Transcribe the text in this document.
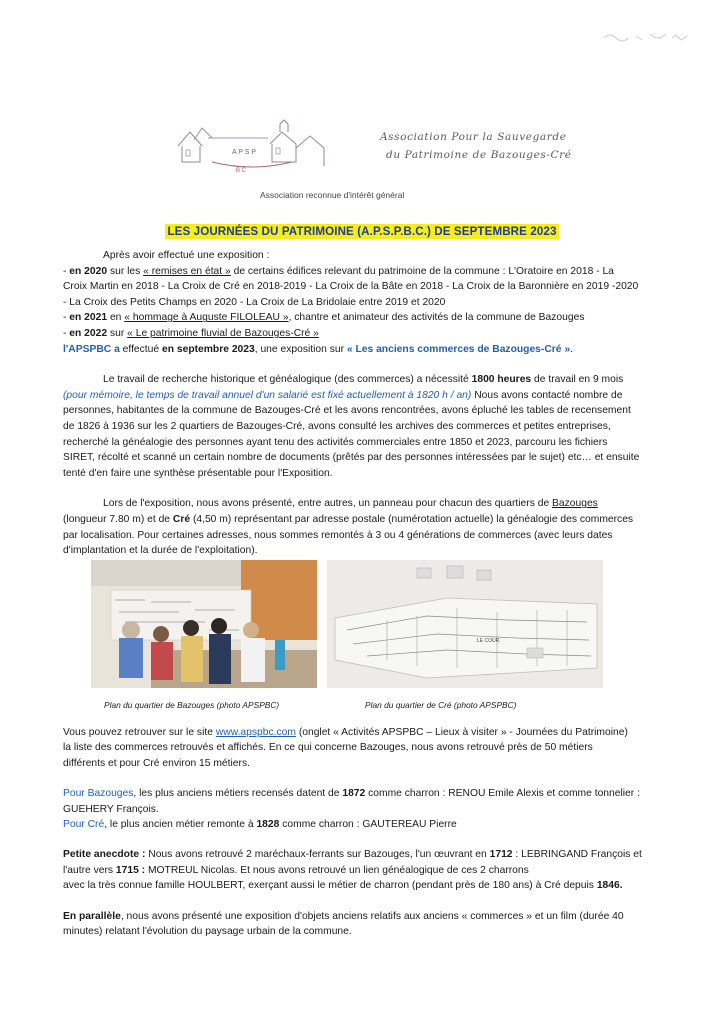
A P S P
B C
Association Pour la Sauvegarde
du Patrimoine de Bazouges-Cré
Association reconnue d'intérêt général
LES JOURNÉES DU PATRIMOINE (A.P.S.P.B.C.) DE SEPTEMBRE 2023
Après avoir effectué une exposition :
- en 2020 sur les « remises en état » de certains édifices relevant du patrimoine de la commune : L'Oratoire en 2018 - La
Croix Martin en 2018 - La Croix de Cré en 2018-2019 - La Croix de la Bâte en 2018 - La Croix de la Baronnière en 2019 -2020
- La Croix des Petits Champs en 2020 - La Croix de La Bridolaie entre 2019 et 2020
- en 2021 en « hommage à Auguste FILOLEAU », chantre et animateur des activités de la commune de Bazouges
- en 2022 sur « Le patrimoine fluvial de Bazouges-Cré »
l'APSPBC a effectué en septembre 2023, une exposition sur « Les anciens commerces de Bazouges-Cré ».
Le travail de recherche historique et généalogique (des commerces) a nécessité 1800 heures de travail en 9 mois
(pour mémoire, le temps de travail annuel d'un salarié est fixé actuellement à 1820 h / an) Nous avons contacté nombre de
personnes, habitantes de la commune de Bazouges-Cré et les avons rencontrées, avons épluché les tables de recensement
de 1826 à 1936 sur les 2 quartiers de Bazouges-Cré, avons consulté les archives des commerces et petites entreprises,
recherché la généalogie des personnes ayant tenu des activités commerciales entre 1850 et 2023, parcouru les fichiers
SIRET, récolté et scanné un certain nombre de documents (prêtés par des personnes intéressées par le sujet) etc… et ensuite
tenté d'en faire une synthèse présentable pour l'Exposition.
Lors de l'exposition, nous avons présenté, entre autres, un panneau pour chacun des quartiers de Bazouges
(longueur 7.80 m) et de Cré (4,50 m) représentant par adresse postale (numérotation actuelle) la généalogie des commerces
par localisation. Pour certaines adresses, nous sommes remontés à 3 ou 4 générations de commerces (avec leurs dates
d'implantation et la durée de l'exploitation).
LE COUR
Plan du quartier de Bazouges (photo APSPBC)	Plan du quartier de Cré (photo APSPBC)
Vous pouvez retrouver sur le site www.apspbc.com (onglet « Activités APSPBC – Lieux à visiter » - Journées du Patrimoine)
la liste des commerces retrouvés et affichés. En ce qui concerne Bazouges, nous avons retrouvé près de 50 métiers
différents et pour Cré environ 15 métiers.
Pour Bazouges, les plus anciens métiers recensés datent de 1872 comme charron : RENOU Emile Alexis et comme tonnelier :
GUEHERY François.
Pour Cré, le plus ancien métier remonte à 1828 comme charron : GAUTEREAU Pierre
Petite anecdote : Nous avons retrouvé 2 maréchaux-ferrants sur Bazouges, l'un œuvrant en 1712 : LEBRINGAND François et
l'autre vers 1715 : MOTREUL Nicolas. Et nous avons retrouvé un lien généalogique de ces 2 charrons
avec la très connue famille HOULBERT, exerçant aussi le métier de charron (pendant près de 180 ans) à Cré depuis 1846.
En parallèle, nous avons présenté une exposition d'objets anciens relatifs aux anciens « commerces » et un film (durée 40
minutes) relatant l'évolution du paysage urbain de la commune.
